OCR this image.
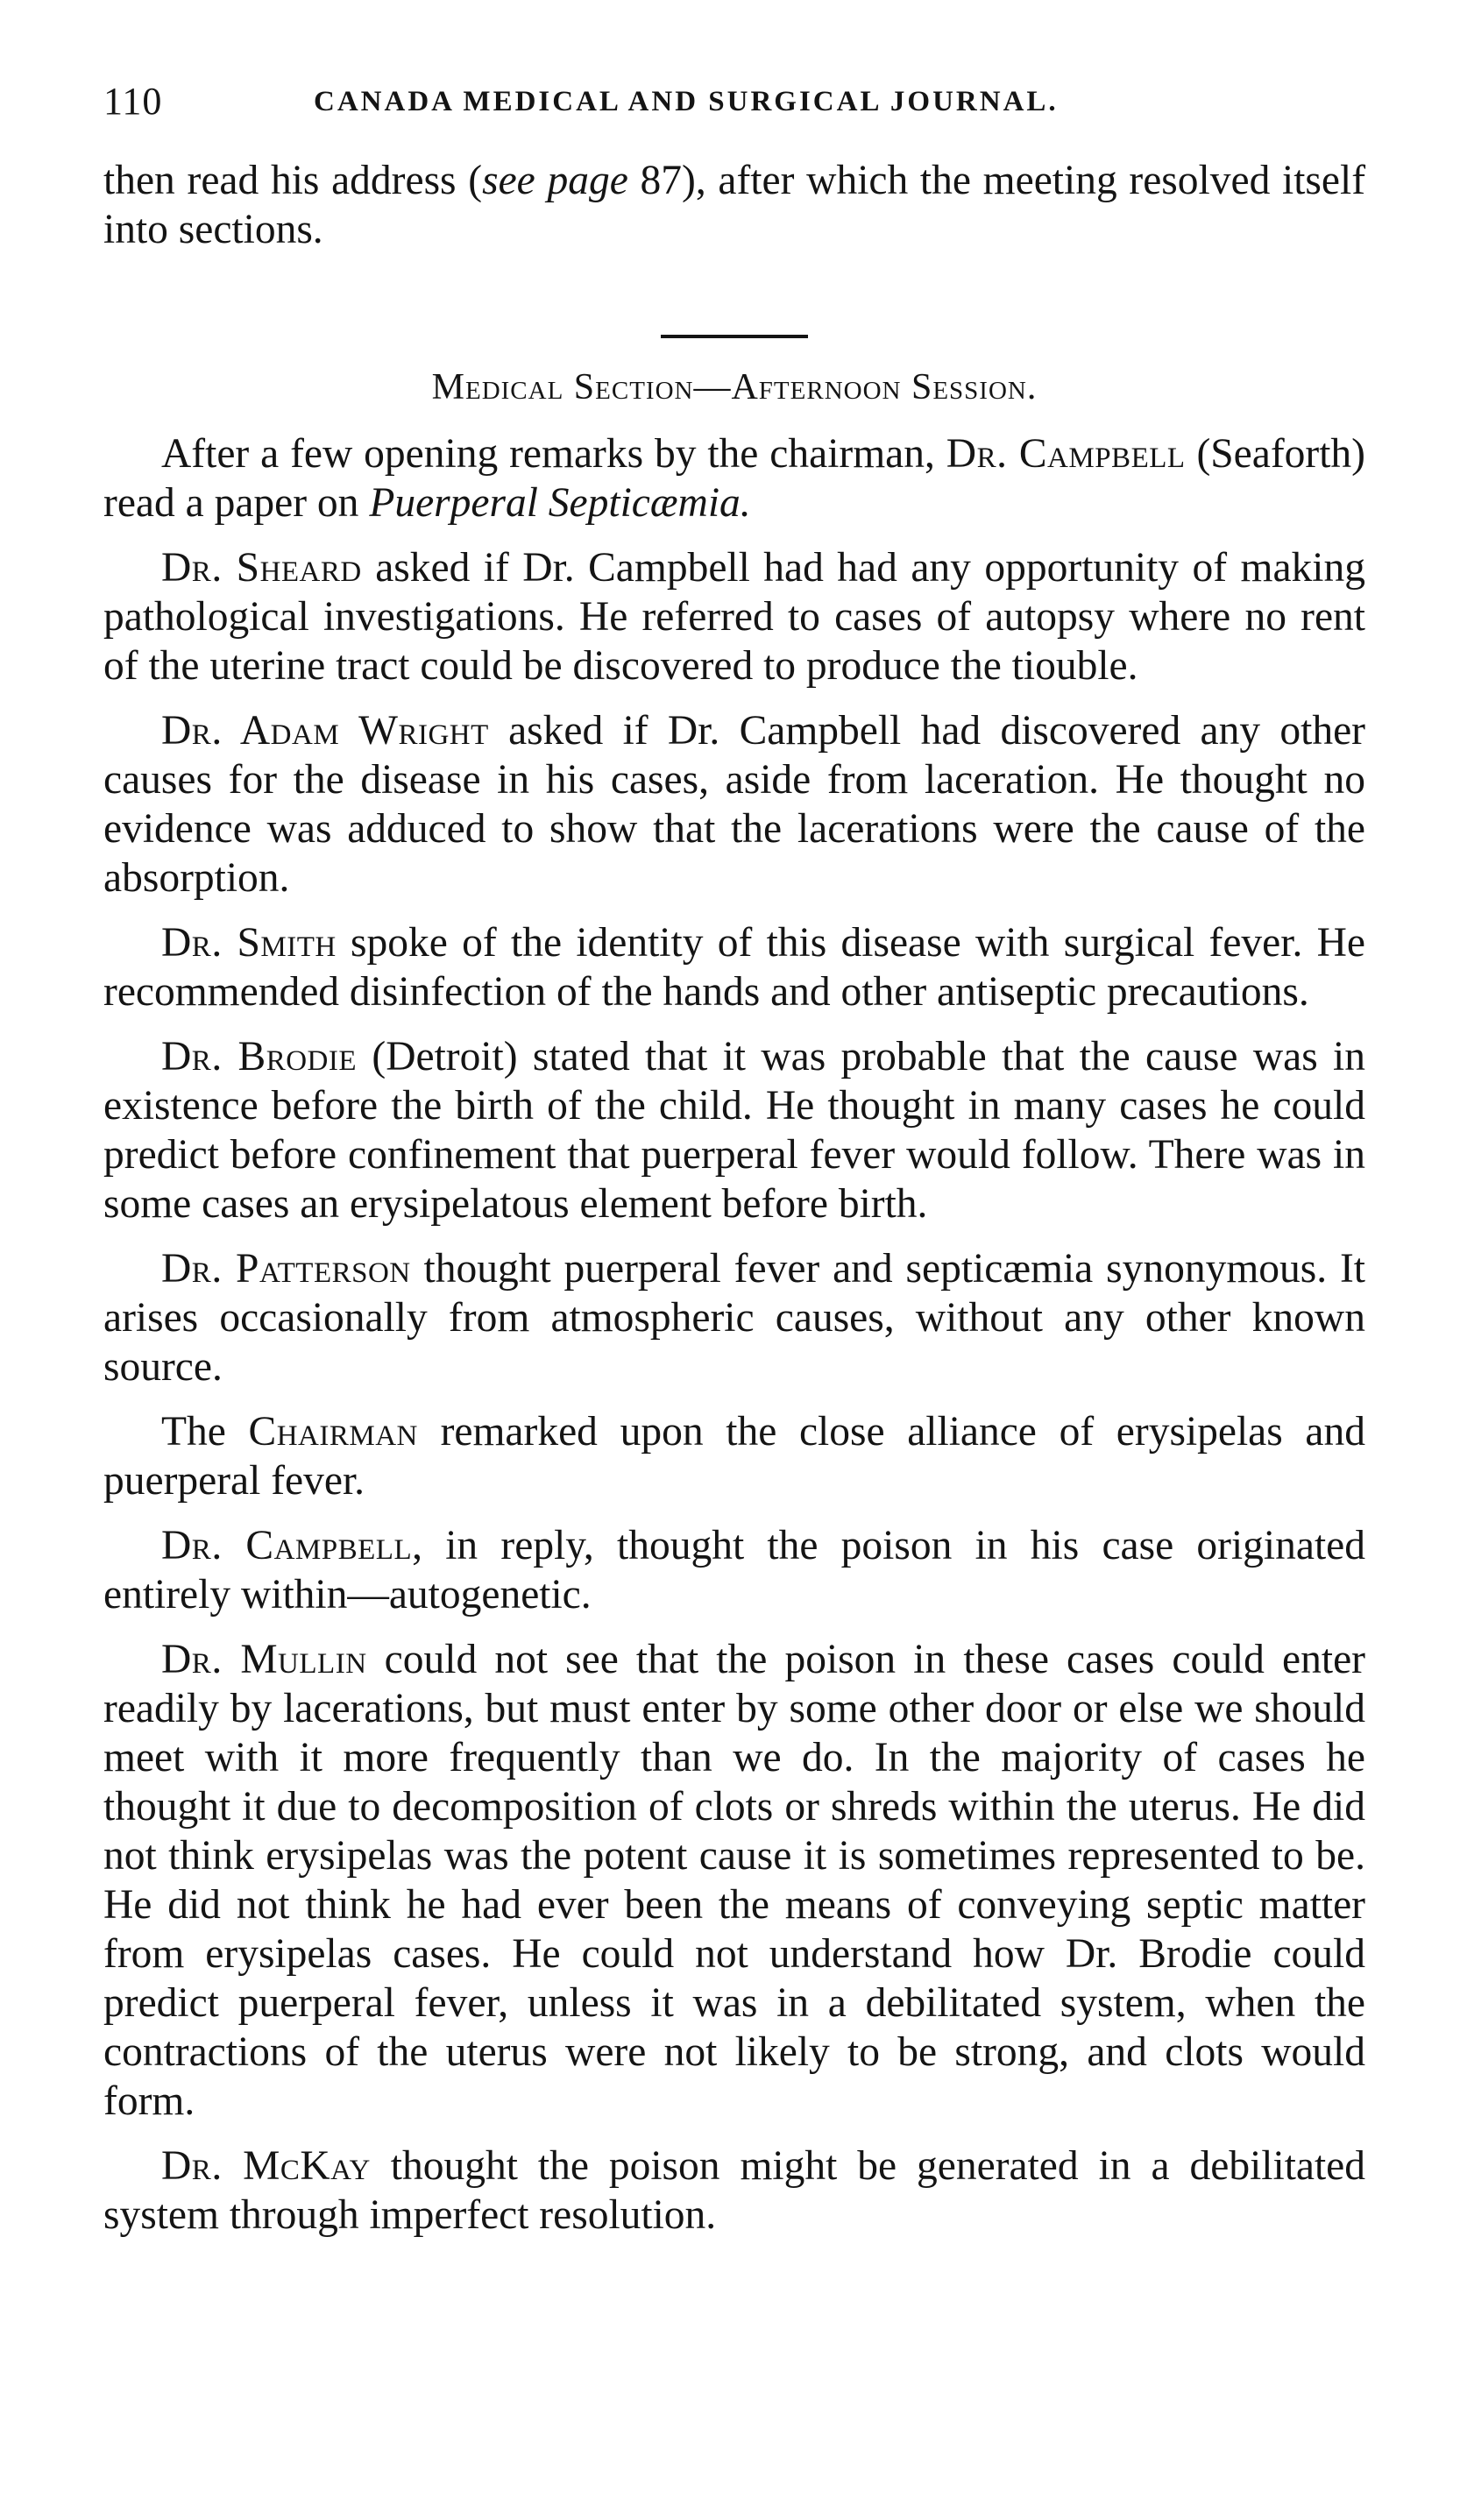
110	CANADA MEDICAL AND SURGICAL JOURNAL.

then read his address (see page 87), after which the meeting resolved itself into sections.

Medical Section—Afternoon Session.

After a few opening remarks by the chairman, Dr. Campbell (Seaforth) read a paper on Puerperal Septicæmia.

Dr. Sheard asked if Dr. Campbell had had any opportunity of making pathological investigations. He referred to cases of autopsy where no rent of the uterine tract could be discovered to produce the tiouble.

Dr. Adam Wright asked if Dr. Campbell had discovered any other causes for the disease in his cases, aside from laceration. He thought no evidence was adduced to show that the lacerations were the cause of the absorption.

Dr. Smith spoke of the identity of this disease with surgical fever. He recommended disinfection of the hands and other antiseptic precautions.

Dr. Brodie (Detroit) stated that it was probable that the cause was in existence before the birth of the child. He thought in many cases he could predict before confinement that puerperal fever would follow. There was in some cases an erysipelatous element before birth.

Dr. Patterson thought puerperal fever and septicæmia synonymous. It arises occasionally from atmospheric causes, without any other known source.

The Chairman remarked upon the close alliance of erysipelas and puerperal fever.

Dr. Campbell, in reply, thought the poison in his case originated entirely within—autogenetic.

Dr. Mullin could not see that the poison in these cases could enter readily by lacerations, but must enter by some other door or else we should meet with it more frequently than we do. In the majority of cases he thought it due to decomposition of clots or shreds within the uterus. He did not think erysipelas was the potent cause it is sometimes represented to be. He did not think he had ever been the means of conveying septic matter from erysipelas cases. He could not understand how Dr. Brodie could predict puerperal fever, unless it was in a debilitated system, when the contractions of the uterus were not likely to be strong, and clots would form.

Dr. McKay thought the poison might be generated in a debilitated system through imperfect resolution.
